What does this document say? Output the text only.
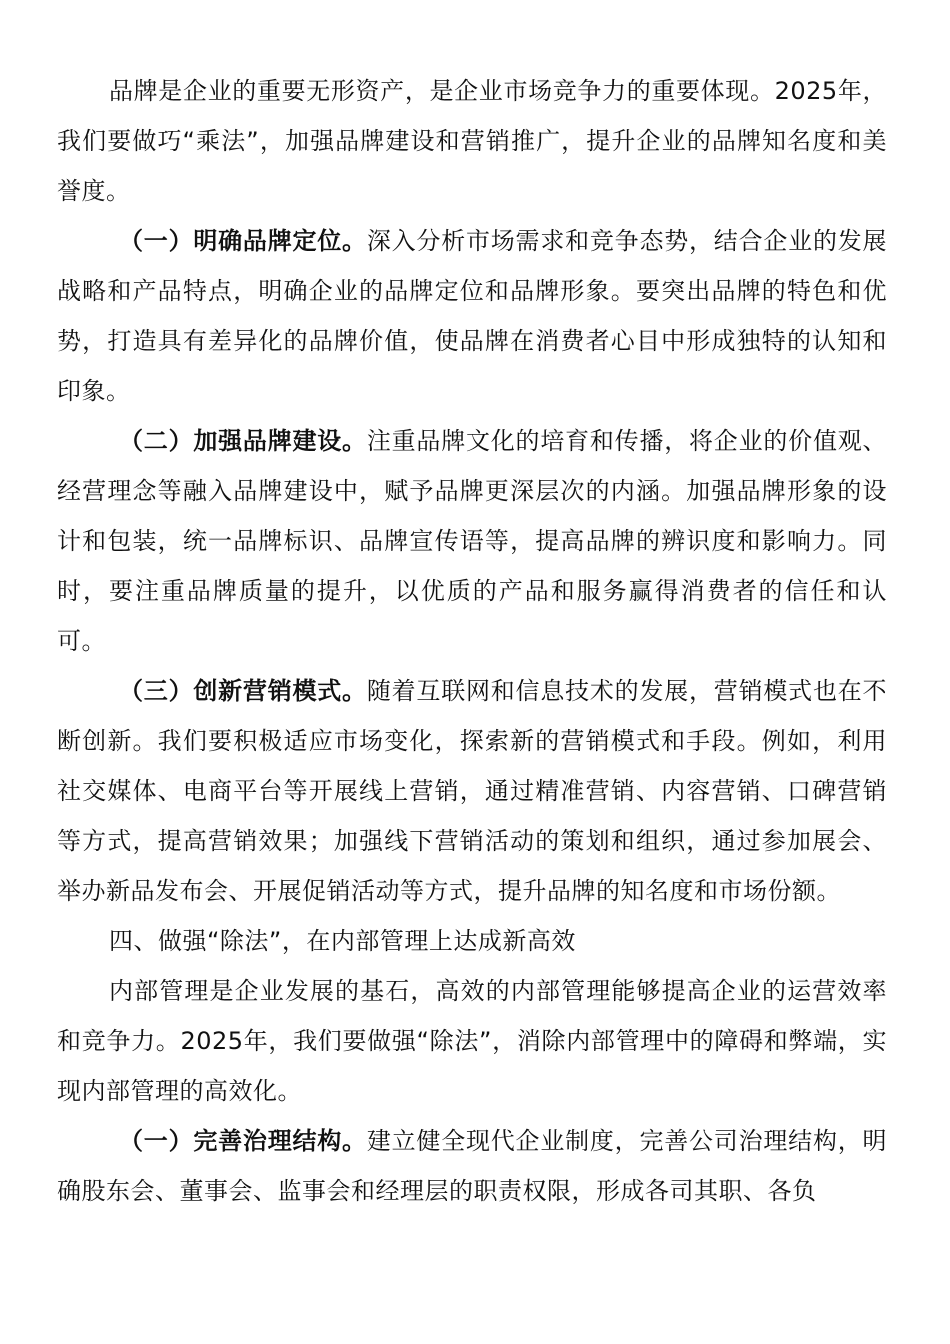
品牌是企业的重要无形资产，是企业市场竞争力的重要体现。2025年，我们要做巧“乘法”，加强品牌建设和营销推广，提升企业的品牌知名度和美誉度。

（一）明确品牌定位。深入分析市场需求和竞争态势，结合企业的发展战略和产品特点，明确企业的品牌定位和品牌形象。要突出品牌的特色和优势，打造具有差异化的品牌价值，使品牌在消费者心目中形成独特的认知和印象。

（二）加强品牌建设。注重品牌文化的培育和传播，将企业的价值观、经营理念等融入品牌建设中，赋予品牌更深层次的内涵。加强品牌形象的设计和包装，统一品牌标识、品牌宣传语等，提高品牌的辨识度和影响力。同时，要注重品牌质量的提升，以优质的产品和服务赢得消费者的信任和认可。

（三）创新营销模式。随着互联网和信息技术的发展，营销模式也在不断创新。我们要积极适应市场变化，探索新的营销模式和手段。例如，利用社交媒体、电商平台等开展线上营销，通过精准营销、内容营销、口碑营销等方式，提高营销效果；加强线下营销活动的策划和组织，通过参加展会、举办新品发布会、开展促销活动等方式，提升品牌的知名度和市场份额。

四、做强“除法”，在内部管理上达成新高效

内部管理是企业发展的基石，高效的内部管理能够提高企业的运营效率和竞争力。2025年，我们要做强“除法”，消除内部管理中的障碍和弊端，实现内部管理的高效化。

（一）完善治理结构。建立健全现代企业制度，完善公司治理结构，明确股东会、董事会、监事会和经理层的职责权限，形成各司其职、各负
